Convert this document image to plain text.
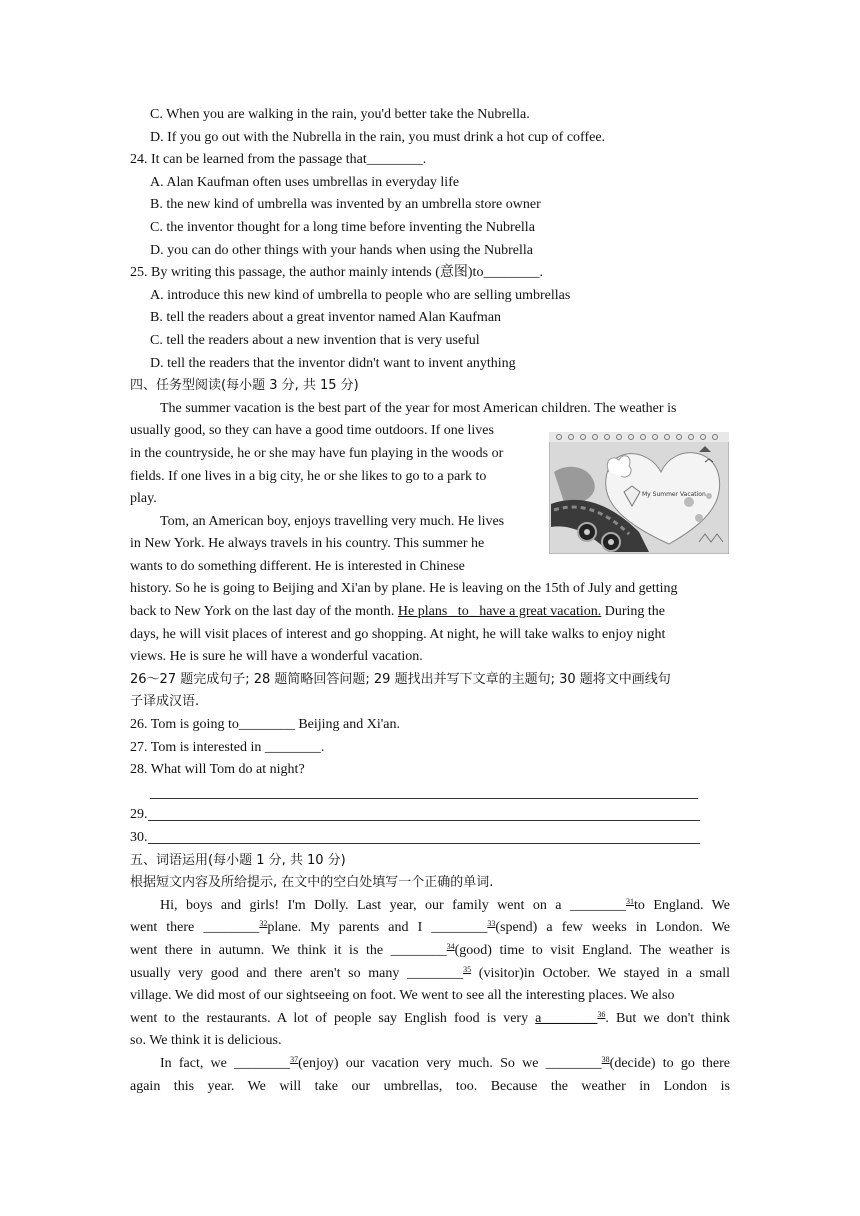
C. When you are walking in the rain, you'd better take the Nubrella.
D. If you go out with the Nubrella in the rain, you must drink a hot cup of coffee.
24. It can be learned from the passage that________.
A. Alan Kaufman often uses umbrellas in everyday life
B. the new kind of umbrella was invented by an umbrella store owner
C. the inventor thought for a long time before inventing the Nubrella
D. you can do other things with your hands when using the Nubrella
25. By writing this passage, the author mainly intends (意图)to________.
A. introduce this new kind of umbrella to people who are selling umbrellas
B. tell the readers about a great inventor named Alan Kaufman
C. tell the readers about a new invention that is very useful
D. tell the readers that the inventor didn't want to invent anything
四、任务型阅读(每小题 3 分, 共 15 分)
The summer vacation is the best part of the year for most American children. The weather is
usually good, so they can have a good time outdoors. If one lives
in the countryside, he or she may have fun playing in the woods or
fields. If one lives in a big city, he or she likes to go to a park to
play.
Tom, an American boy, enjoys travelling very much. He lives
in New York. He always travels in his country. This summer he
wants to do something different. He is interested in Chinese
history. So he is going to Beijing and Xi'an by plane. He is leaving on the 15th of July and getting
back to New York on the last day of the month. He plans _to_ have a great vacation. During the
days, he will visit places of interest and go shopping. At night, he will take walks to enjoy night
views. He is sure he will have a wonderful vacation.
26～27 题完成句子; 28 题简略回答问题; 29 题找出并写下文章的主题句; 30 题将文中画线句
子译成汉语.
26. Tom is going to________ Beijing and Xi'an.
27. Tom is interested in ________.
28. What will Tom do at night?
29.
30.
五、词语运用(每小题 1 分, 共 10 分)
根据短文内容及所给提示, 在文中的空白处填写一个正确的单词.
Hi, boys and girls! I'm Dolly. Last year, our family went on a ________$^{31}$to England. We
went there ________$^{32}$plane. My parents and I ________$^{33}$(spend) a few weeks in London. We
went there in autumn. We think it is the ________$^{34}$(good) time to visit England. The weather is
usually very good and there aren't so many ________$^{35}$ (visitor)in October. We stayed in a small
village. We did most of our sightseeing on foot. We went to see all the interesting places. We also
went to the restaurants. A lot of people say English food is very a________$^{36}$. But we don't think
so. We think it is delicious.
In fact, we ________$^{37}$(enjoy) our vacation very much. So we ________$^{38}$(decide) to go there
again this year. We will take our umbrellas, too. Because the weather in London is
My Summer Vacation
